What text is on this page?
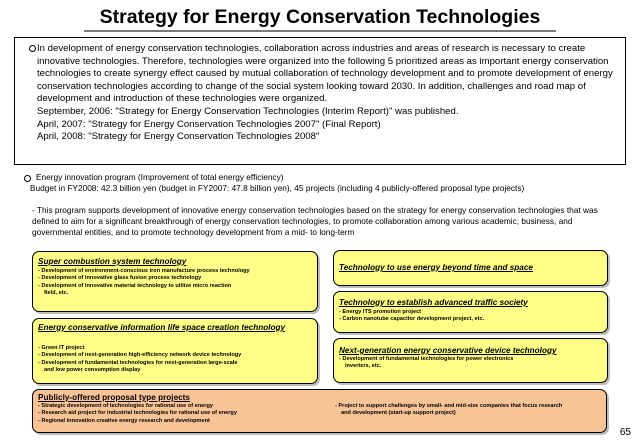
Strategy for Energy Conservation Technologies

In development of energy conservation technologies, collaboration across industries and areas of research is necessary to create innovative technologies. Therefore, technologies were organized into the following 5 prioritized areas as important energy conservation technologies to create synergy effect caused by mutual collaboration of technology development and to promote development of energy conservation technologies according to change of the social system looking toward 2030. In addition, challenges and road map of development and introduction of these technologies were organized.

September, 2006: "Strategy for Energy Conservation Technologies (Interim Report)" was published.

April, 2007: "Strategy for Energy Conservation Technologies 2007" (Final Report)

April, 2008: "Strategy for Energy Conservation Technologies 2008"

Energy innovation program (Improvement of total energy efficiency)
Budget in FY2008: 42.3 billion yen (budget in FY2007: 47.8 billion yen), 45 projects (including 4 publicly-offered proposal type projects)
- This program supports development of innovative energy conservation technologies based on the strategy for energy conservation technologies that was defined to aim for a significant breakthrough of energy conservation technologies, to promote collaboration among various academic, business, and governmental entities, and to promote technology development from a mid- to long-term
Super combustion system technology
- Development of environment-conscious iron manufacture process technology
- Development of innovative glass fusion process technology
- Development of innovative material technology to utilize micro reaction
field, etc.
Energy conservative information life space creation technology
- Green IT project
- Development of next-generation high-efficiency network device technology
- Development of fundamental technologies for next-generation large-scale
and low power consumption display
Technology to use energy beyond time and space
Technology to establish advanced traffic society
- Energy ITS promotion project
- Carbon nanotube capacitor development project, etc.
Next-generation energy conservative device technology
- Development of fundamental technologies for power electronics
inverters, etc.
Publicly-offered proposal type projects
- Strategic development of technologies for rational use of energy
- Research aid project for industrial technologies for rational use of energy
- Regional innovation creative energy research and development
- Project to support challenges by small- and mid-size companies that focus research
and development (start-up support project)
65
